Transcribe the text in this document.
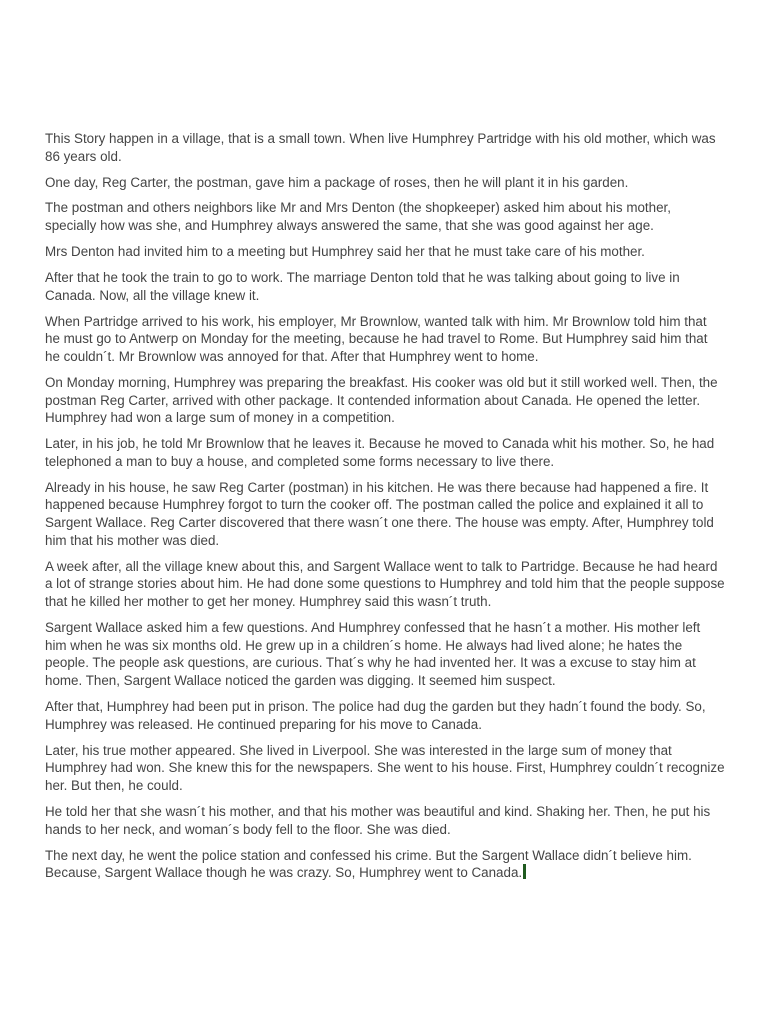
This Story happen in a village, that is a small town. When live Humphrey Partridge with his old mother, which was 86 years old.

One day, Reg Carter, the postman, gave him a package of roses, then he will plant it in his garden.

The postman and others neighbors like Mr and Mrs Denton (the shopkeeper) asked him about his mother, specially how was she, and Humphrey always answered the same, that she was good against her age.

Mrs Denton had invited him to a meeting but Humphrey said her that he must take care of his mother.

After that he took the train to go to work. The marriage Denton told that he was talking about going to live in Canada. Now, all the village knew it.

When Partridge arrived to his work, his employer, Mr Brownlow, wanted talk with him. Mr Brownlow told him that he must go to Antwerp on Monday for the meeting, because he had travel to Rome. But Humphrey said him that he couldn´t. Mr Brownlow was annoyed for that. After that Humphrey went to home.

On Monday morning, Humphrey was preparing the breakfast. His cooker was old but it still worked well. Then, the postman Reg Carter, arrived with other package. It contended information about Canada. He opened the letter. Humphrey had won a large sum of money in a competition.

Later, in his job, he told Mr Brownlow that he leaves it. Because he moved to Canada whit his mother. So, he had telephoned a man to buy a house, and completed some forms necessary to live there.

Already in his house, he saw Reg Carter (postman) in his kitchen. He was there because had happened a fire. It happened because Humphrey forgot to turn the cooker off. The postman called the police and explained it all to Sargent Wallace. Reg Carter discovered that there wasn´t one there. The house was empty. After, Humphrey told him that his mother was died.

A week after, all the village knew about this, and Sargent Wallace went to talk to Partridge. Because he had heard a lot of strange stories about him. He had done some questions to Humphrey and told him that the people suppose that he killed her mother to get her money. Humphrey said this wasn´t truth.

Sargent Wallace asked him a few questions. And Humphrey confessed that he hasn´t a mother. His mother left him when he was six months old. He grew up in a children´s home. He always had lived alone; he hates the people. The people ask questions, are curious. That´s why he had invented her. It was a excuse to stay him at home. Then, Sargent Wallace noticed the garden was digging. It seemed him suspect.

After that, Humphrey had been put in prison. The police had dug the garden but they hadn´t found the body. So, Humphrey was released. He continued preparing for his move to Canada.

Later, his true mother appeared. She lived in Liverpool. She was interested in the large sum of money that Humphrey had won. She knew this for the newspapers. She went to his house. First, Humphrey couldn´t recognize her. But then, he could.

He told her that she wasn´t his mother, and that his mother was beautiful and kind. Shaking her. Then, he put his hands to her neck, and woman´s body fell to the floor. She was died.

The next day, he went the police station and confessed his crime. But the Sargent Wallace didn´t believe him. Because, Sargent Wallace though he was crazy. So, Humphrey went to Canada.
